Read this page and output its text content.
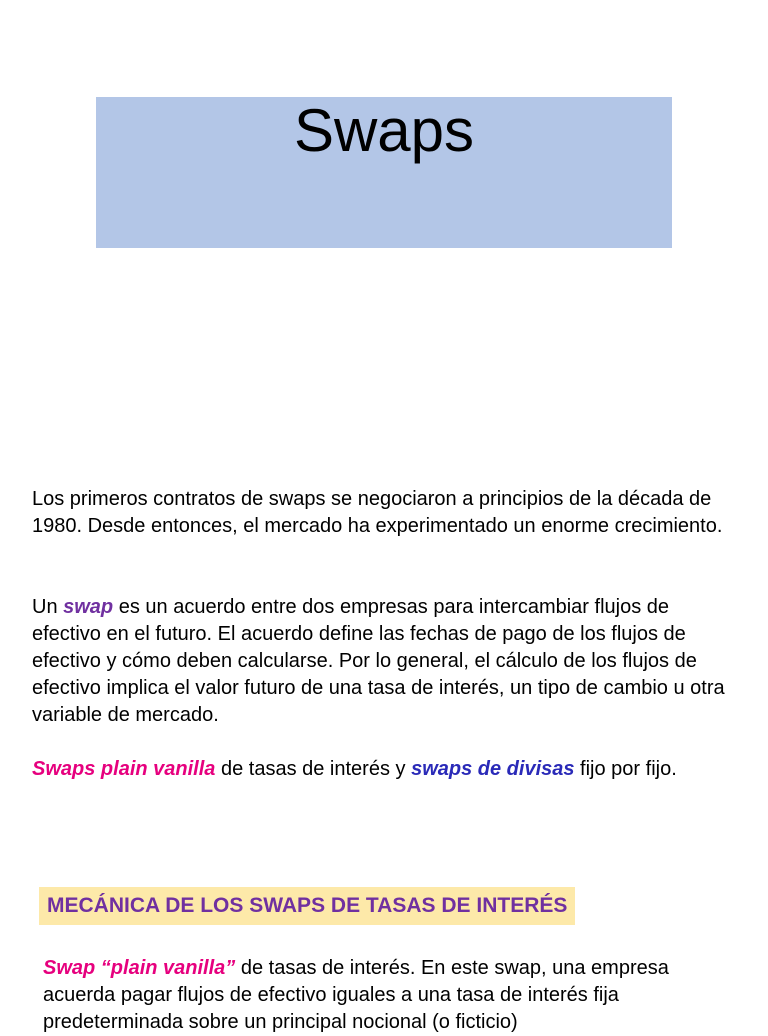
Swaps
Los primeros contratos de swaps se negociaron a principios de la década de 1980. Desde entonces, el mercado ha experimentado un enorme crecimiento.
Un swap es un acuerdo entre dos empresas para intercambiar flujos de efectivo en el futuro. El acuerdo define las fechas de pago de los flujos de efectivo y cómo deben calcularse. Por lo general, el cálculo de los flujos de efectivo implica el valor futuro de una tasa de interés, un tipo de cambio u otra variable de mercado.
Swaps plain vanilla de tasas de interés y swaps de divisas fijo por fijo.
MECÁNICA DE LOS SWAPS DE TASAS DE INTERÉS
Swap “plain vanilla” de tasas de interés. En este swap, una empresa acuerda pagar flujos de efectivo iguales a una tasa de interés fija predeterminada sobre un principal nocional (o ficticio)
